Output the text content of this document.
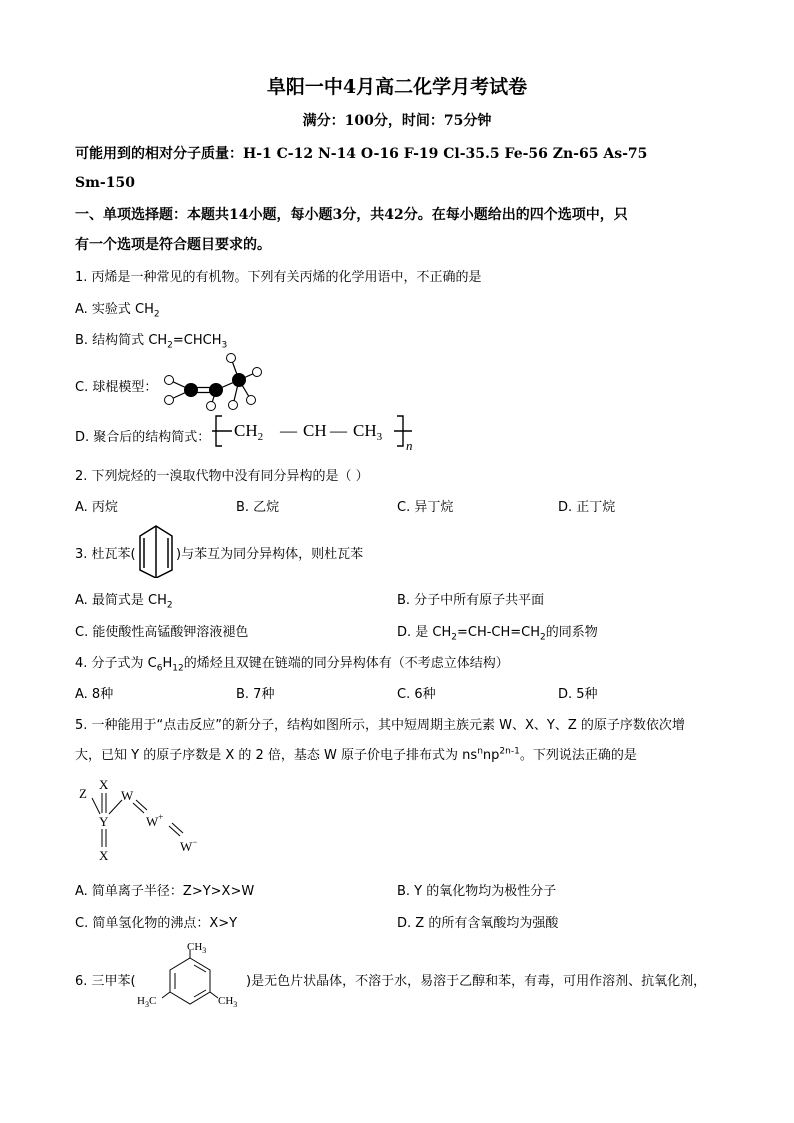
阜阳一中4月高二化学月考试卷
满分：100分，时间：75分钟
可能用到的相对分子质量：H-1 C-12 N-14 O-16 F-19 Cl-35.5 Fe-56 Zn-65 As-75
Sm-150
一、单项选择题：本题共14小题，每小题3分，共42分。在每小题给出的四个选项中，只
有一个选项是符合题目要求的。
1. 丙烯是一种常见的有机物。下列有关丙烯的化学用语中，不正确的是
A. 实验式 $CH_2$
B. 结构简式 $CH_2=CHCH_3$
C. 球棍模型：
D. 聚合后的结构简式： $CH_2$ — CH — $CH_3$
n
2. 下列烷烃的一溴取代物中没有同分异构的是（ ）
A. 丙烷	B. 乙烷	C. 异丁烷	D. 正丁烷
3. 杜瓦苯(	)与苯互为同分异构体，则杜瓦苯
A. 最简式是 $CH_2$	B. 分子中所有原子共平面
C. 能使酸性高锰酸钾溶液褪色	D. 是 $CH_2=CH-CH=CH_2$的同系物
4. 分子式为 $C_6H_{12}$的烯烃且双键在链端的同分异构体有（不考虑立体结构）
A. 8种	B. 7种	C. 6种	D. 5种
5. 一种能用于“点击反应”的新分子，结构如图所示，其中短周期主族元素 W、X、Y、Z 的原子序数依次增
大，已知 Y 的原子序数是 X 的 2 倍，基态 W 原子价电子排布式为 $ns^nnp^{2n-1}$。下列说法正确的是
Z
X
Y
X
W
W+
W−
A. 简单离子半径：Z>Y>X>W	B. Y 的氧化物均为极性分子
C. 简单氢化物的沸点：X>Y	D. Z 的所有含氧酸均为强酸
6. 三甲苯(
$CH_3$
$H_3C$	$CH_3$
)是无色片状晶体，不溶于水，易溶于乙醇和苯，有毒，可用作溶剂、抗氧化剂，
